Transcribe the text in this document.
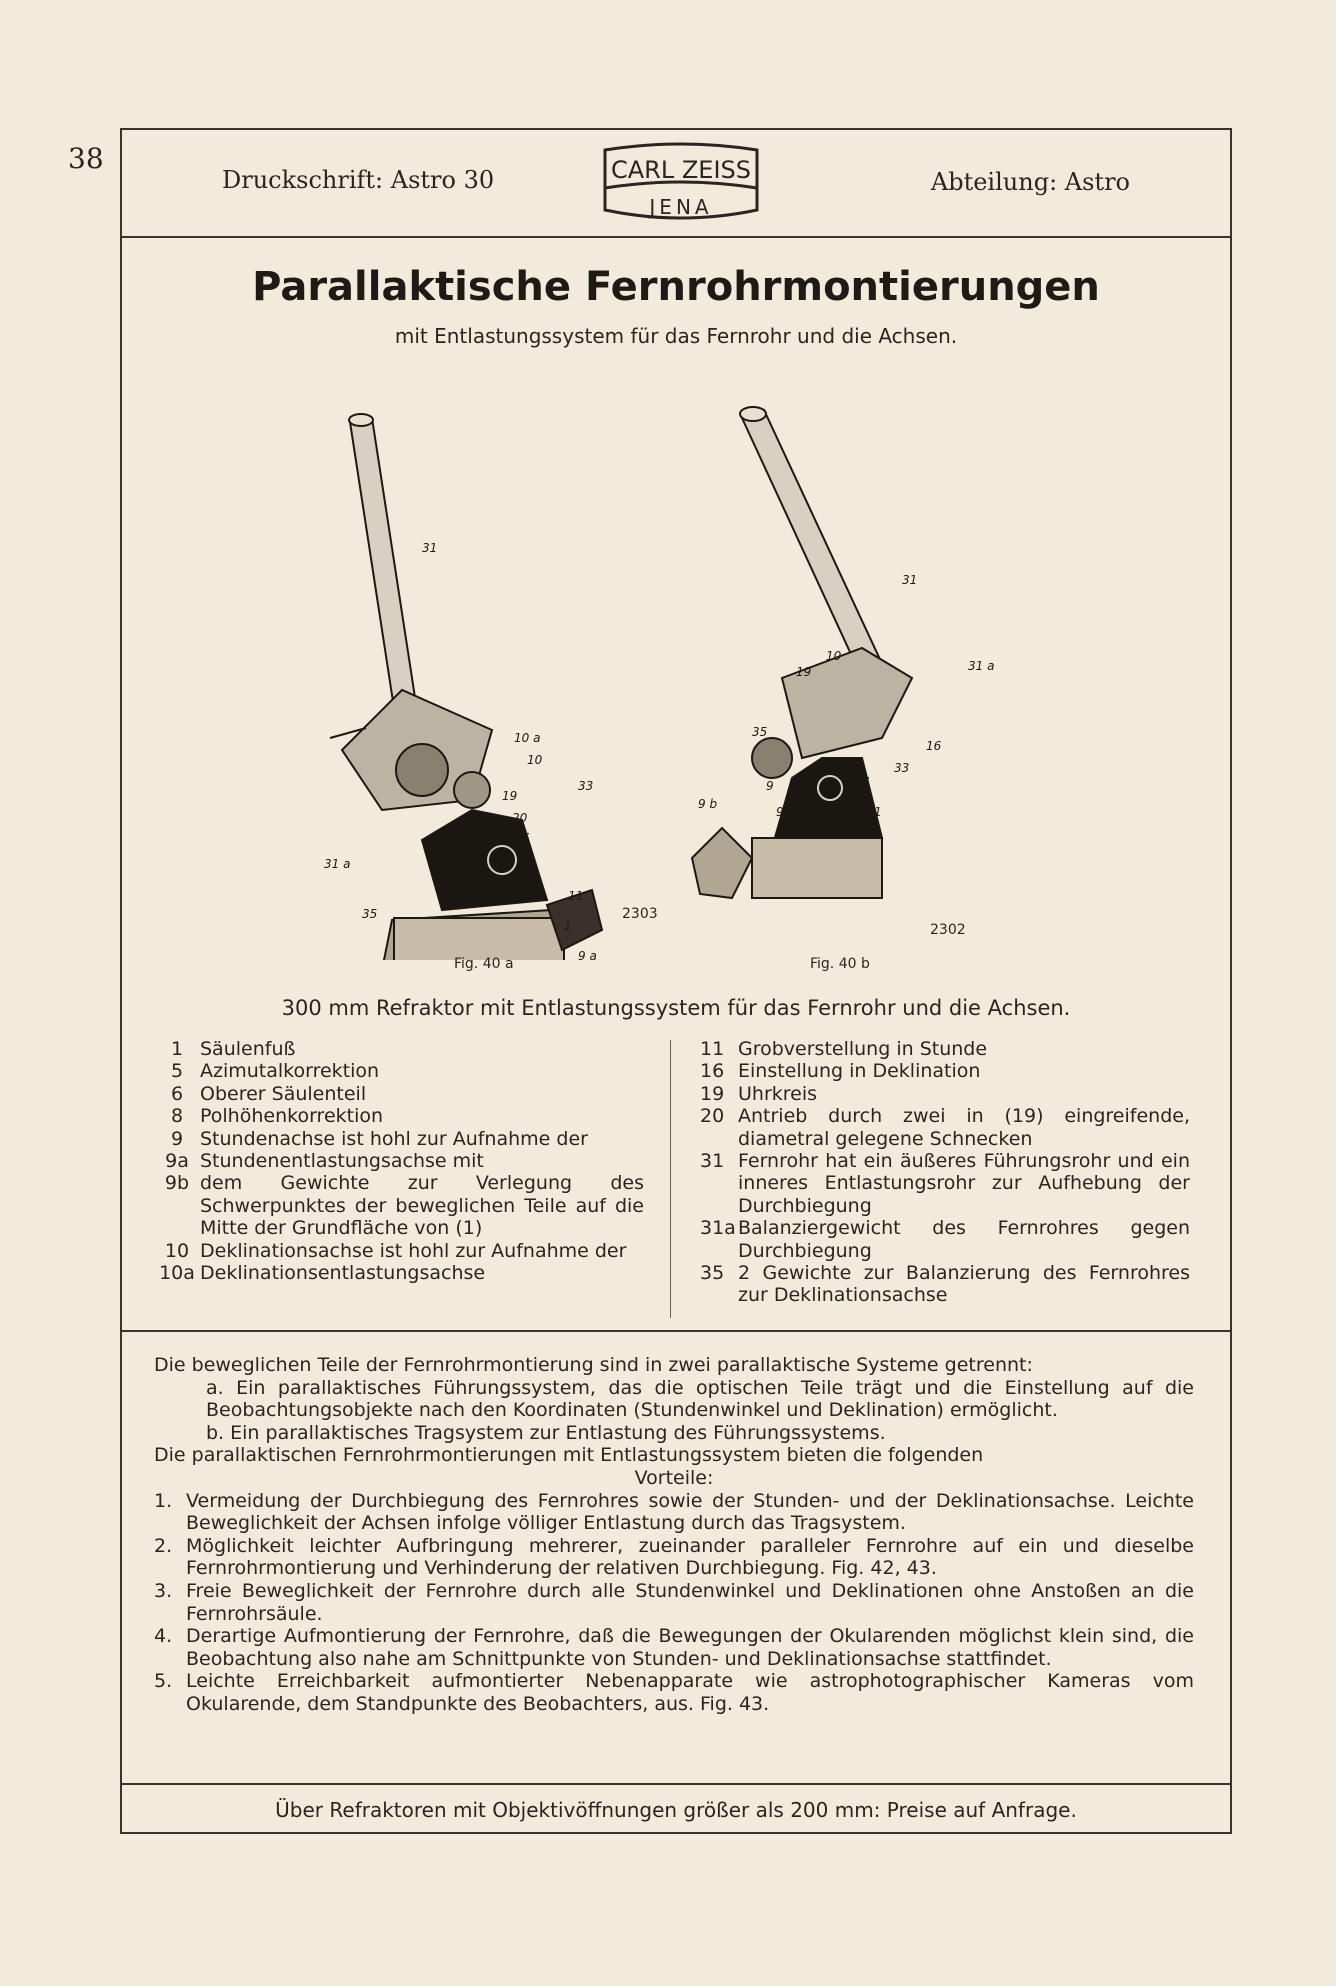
38
Druckschrift: Astro 30	CARL ZEISS
JENA
Abteilung: Astro
Parallaktische Fernrohrmontierungen
mit Entlastungssystem für das Fernrohr und die Achsen.
31
10 a
10
19
33
20
6
31 a
35
11
1
9 a
Fig. 40 a
2303
31
10
19	31 a
35
16
33
11
9
9 a	1
8
9 b
Fig. 40 b
2302
300 mm Refraktor mit Entlastungssystem für das Fernrohr und die Achsen.
1 Säulenfuß
5 Azimutalkorrektion
6 Oberer Säulenteil
8 Polhöhenkorrektion
9 Stundenachse ist hohl zur Aufnahme der
9a Stundenentlastungsachse mit
9b dem Gewichte zur Verlegung des Schwerpunktes der beweglichen Teile auf die Mitte der Grundfläche von (1)
10 Deklinationsachse ist hohl zur Aufnahme der
10a Deklinationsentlastungsachse
11 Grobverstellung in Stunde
16 Einstellung in Deklination
19 Uhrkreis
20 Antrieb durch zwei in (19) eingreifende, diametral gelegene Schnecken
31 Fernrohr hat ein äußeres Führungsrohr und ein inneres Entlastungsrohr zur Aufhebung der Durchbiegung
31a Balanziergewicht des Fernrohres gegen Durchbiegung
35 2 Gewichte zur Balanzierung des Fernrohres zur Deklinationsachse
Die beweglichen Teile der Fernrohrmontierung sind in zwei parallaktische Systeme getrennt:
a. Ein parallaktisches Führungssystem, das die optischen Teile trägt und die Einstellung auf die Beobachtungsobjekte nach den Koordinaten (Stundenwinkel und Deklination) ermöglicht.
b. Ein parallaktisches Tragsystem zur Entlastung des Führungssystems.
Die parallaktischen Fernrohrmontierungen mit Entlastungssystem bieten die folgenden
Vorteile:
1. Vermeidung der Durchbiegung des Fernrohres sowie der Stunden- und der Deklinationsachse. Leichte Beweglichkeit der Achsen infolge völliger Entlastung durch das Tragsystem.
2. Möglichkeit leichter Aufbringung mehrerer, zueinander paralleler Fernrohre auf ein und dieselbe Fernrohrmontierung und Verhinderung der relativen Durchbiegung. Fig. 42, 43.
3. Freie Beweglichkeit der Fernrohre durch alle Stundenwinkel und Deklinationen ohne Anstoßen an die Fernrohrsäule.
4. Derartige Aufmontierung der Fernrohre, daß die Bewegungen der Okularenden möglichst klein sind, die Beobachtung also nahe am Schnittpunkte von Stunden- und Deklinationsachse stattfindet.
5. Leichte Erreichbarkeit aufmontierter Nebenapparate wie astrophotographischer Kameras vom Okularende, dem Standpunkte des Beobachters, aus. Fig. 43.
Über Refraktoren mit Objektivöffnungen größer als 200 mm: Preise auf Anfrage.
